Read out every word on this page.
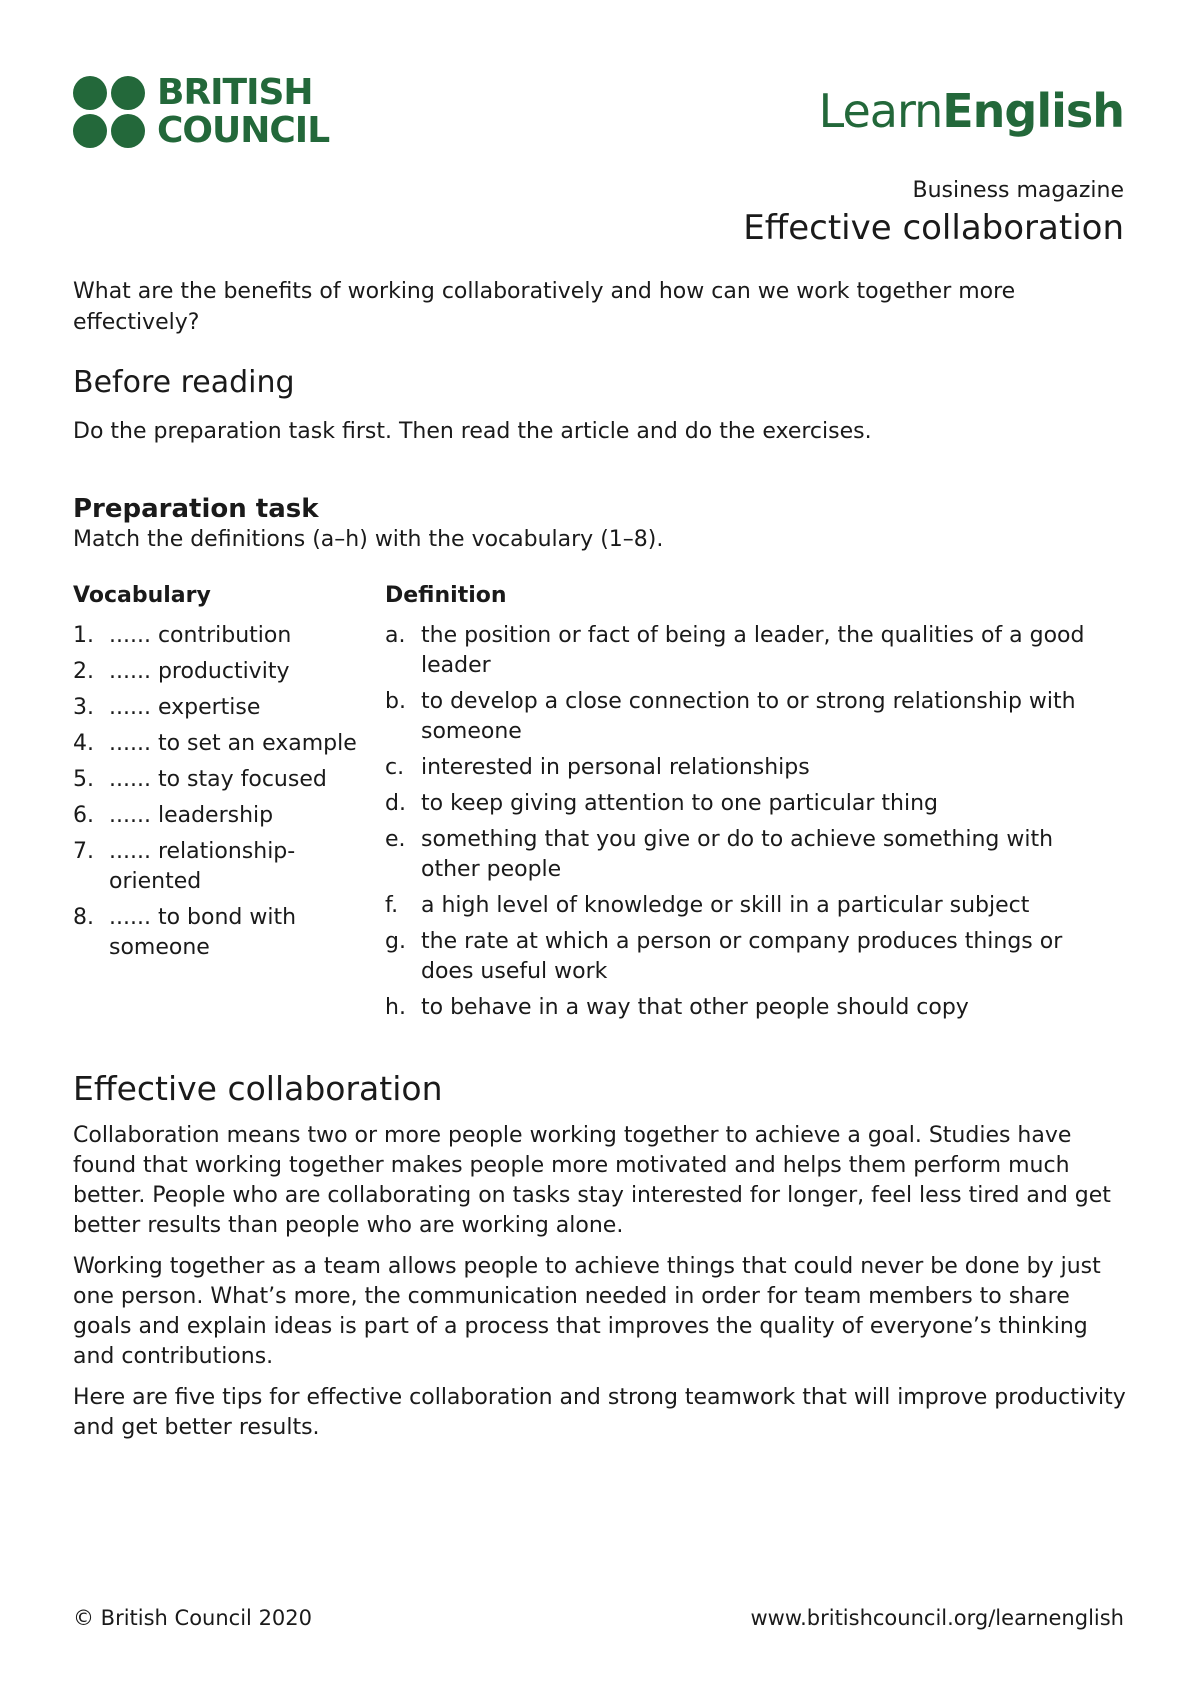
BRITISH
COUNCIL	LearnEnglish
Business magazine
Effective collaboration

What are the benefits of working collaboratively and how can we work together more effectively?

Before reading

Do the preparation task first. Then read the article and do the exercises.

Preparation task

Match the definitions (a–h) with the vocabulary (1–8).

Vocabulary
1. ...... contribution
2. ...... productivity
3. ...... expertise
4. ...... to set an example
5. ...... to stay focused
6. ...... leadership
7. ...... relationship-oriented
8. ...... to bond with someone
Definition
a. the position or fact of being a leader, the qualities of a good leader
b. to develop a close connection to or strong relationship with someone
c. interested in personal relationships
d. to keep giving attention to one particular thing
e. something that you give or do to achieve something with other people
f.	a high level of knowledge or skill in a particular subject
g. the rate at which a person or company produces things or does useful work
h. to behave in a way that other people should copy
Effective collaboration

Collaboration means two or more people working together to achieve a goal. Studies have found that working together makes people more motivated and helps them perform much better. People who are collaborating on tasks stay interested for longer, feel less tired and get better results than people who are working alone.

Working together as a team allows people to achieve things that could never be done by just one person. What’s more, the communication needed in order for team members to share goals and explain ideas is part of a process that improves the quality of everyone’s thinking and contributions.

Here are five tips for effective collaboration and strong teamwork that will improve productivity and get better results.

© British Council 2020	www.britishcouncil.org/learnenglish
